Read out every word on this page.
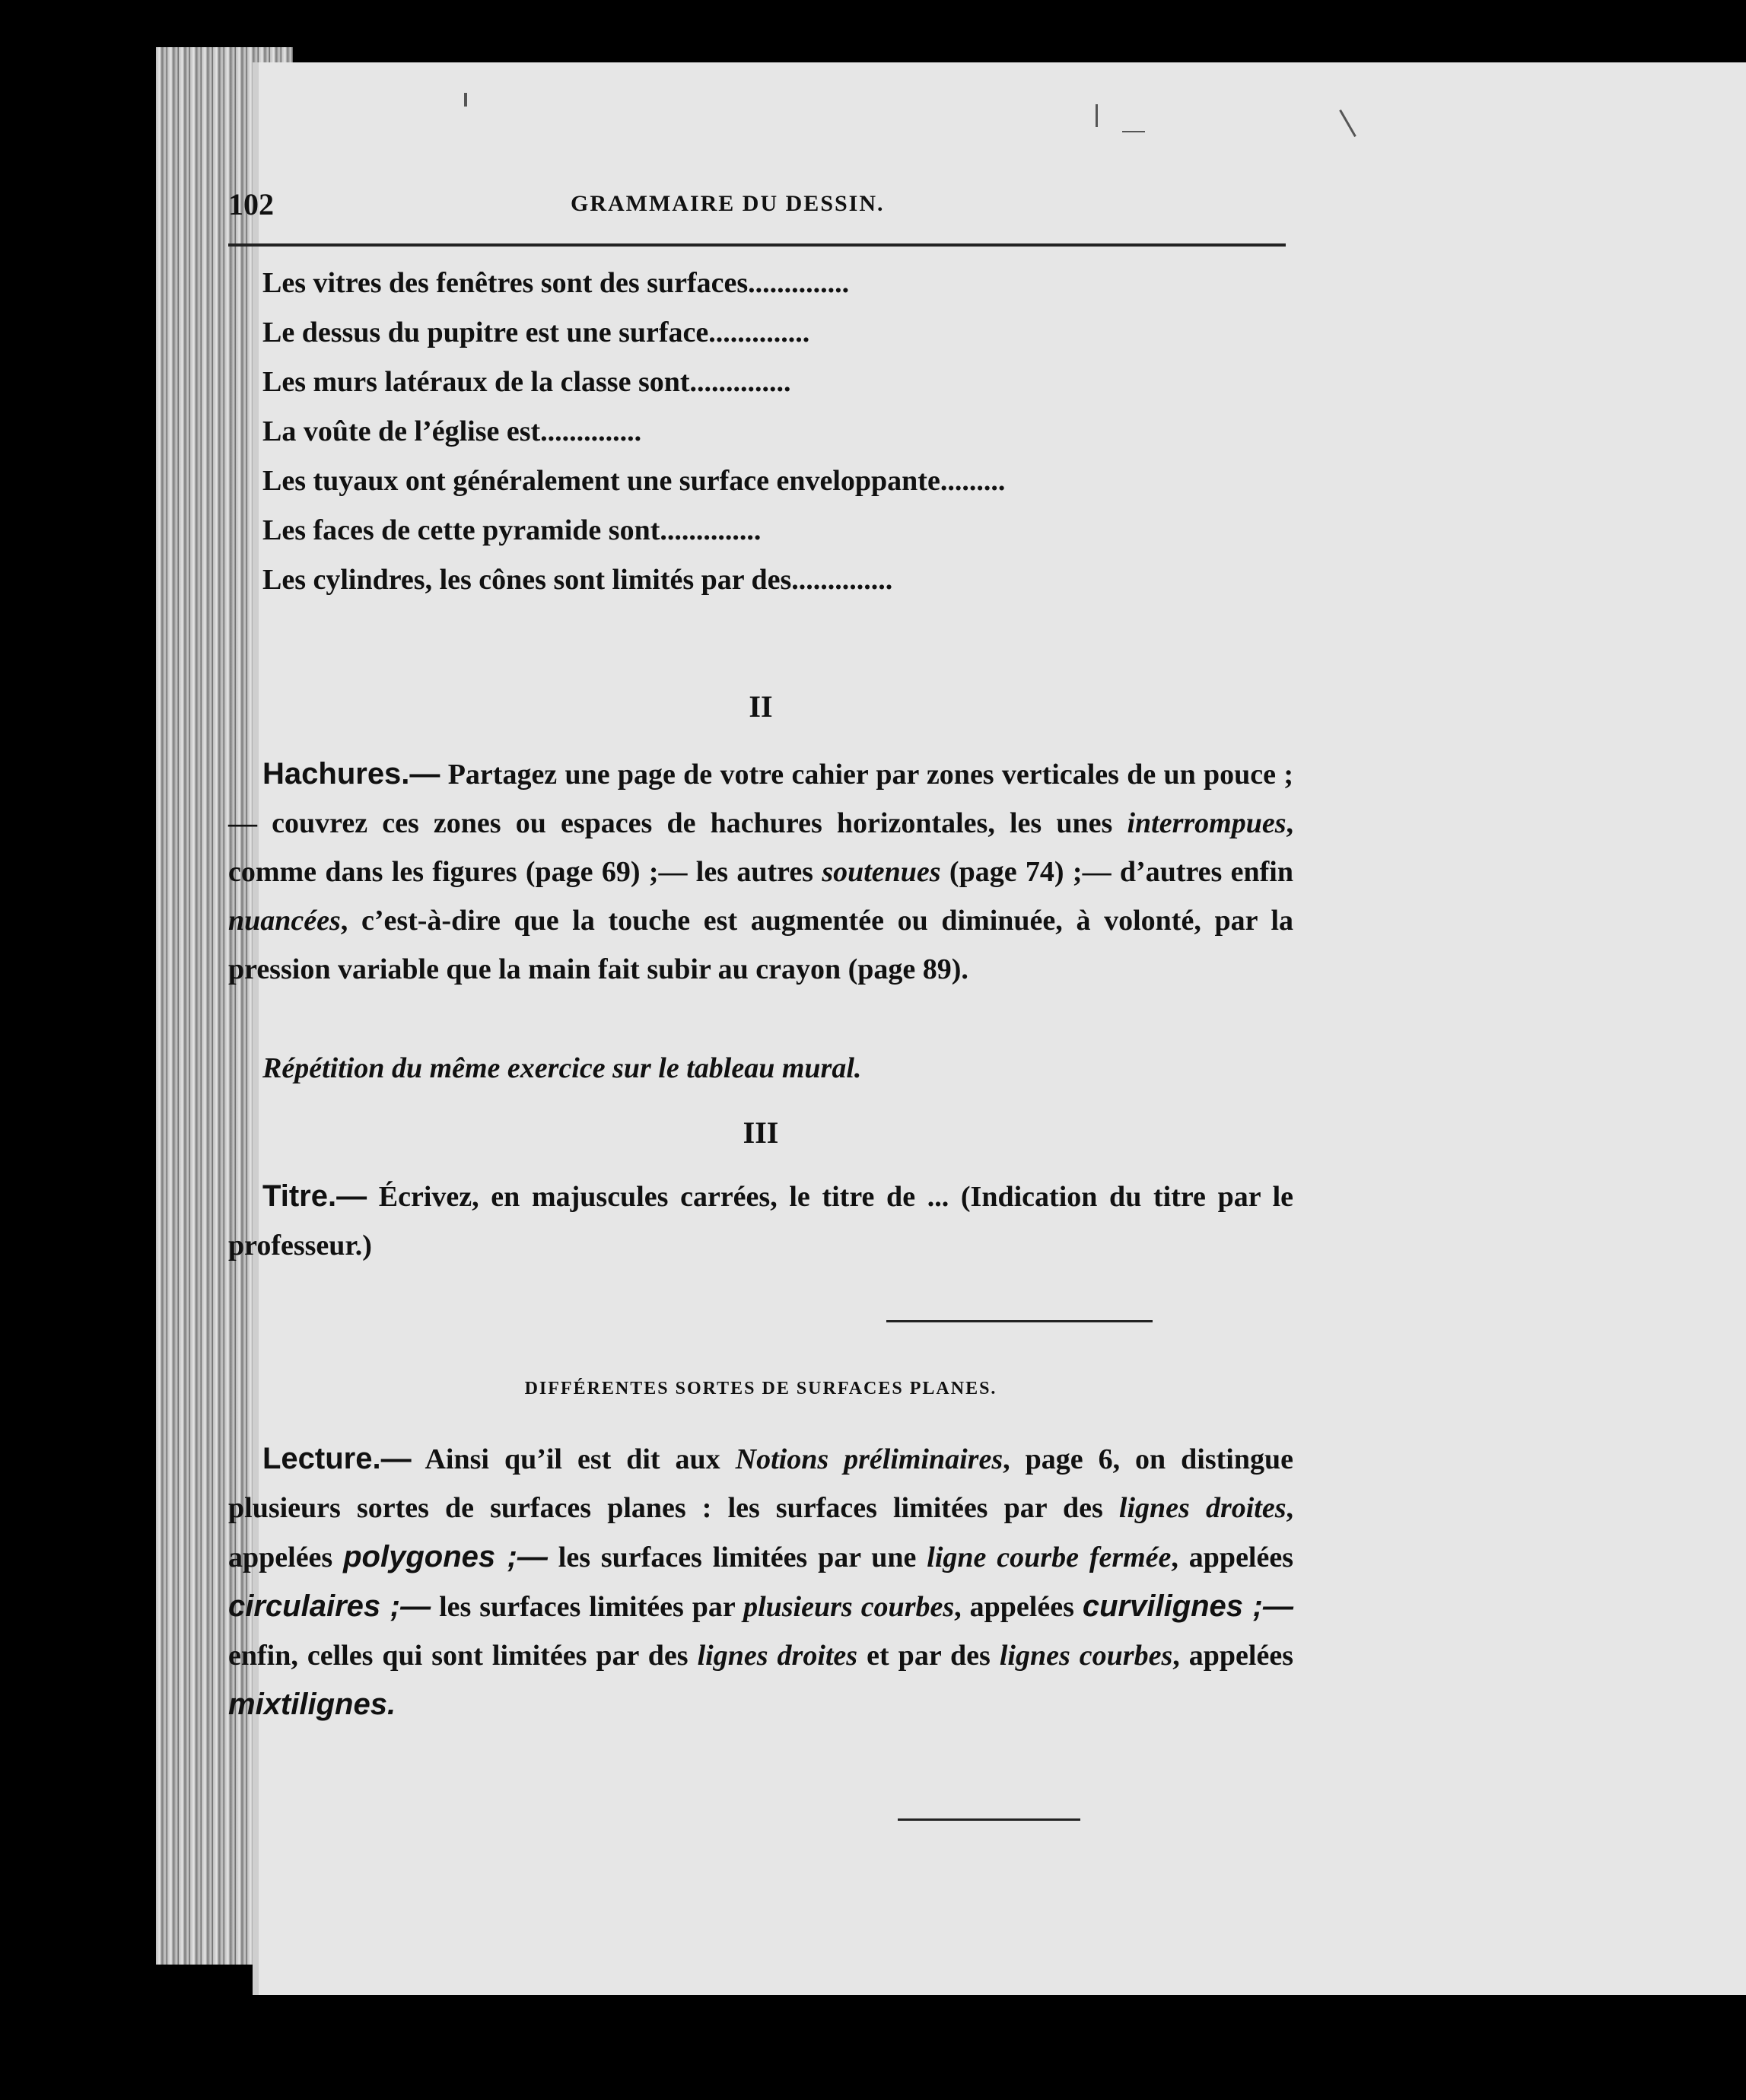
102	GRAMMAIRE DU DESSIN.
Les vitres des fenêtres sont des surfaces..............
Le dessus du pupitre est une surface..............
Les murs latéraux de la classe sont..............
La voûte de l’église est..............
Les tuyaux ont généralement une surface enveloppante.........
Les faces de cette pyramide sont..............
Les cylindres, les cônes sont limités par des..............
II
Hachures.— Partagez une page de votre cahier par zones verticales de un pouce ;— couvrez ces zones ou espaces de hachures horizontales, les unes interrompues, comme dans les figures (page 69) ;— les autres soutenues (page 74) ;— d’autres enfin nuancées, c’est-à-dire que la touche est augmentée ou diminuée, à volonté, par la pression variable que la main fait subir au crayon (page 89).
Répétition du même exercice sur le tableau mural.
III
Titre.— Écrivez, en majuscules carrées, le titre de ... (Indication du titre par le professeur.)
DIFFÉRENTES SORTES DE SURFACES PLANES.
Lecture.— Ainsi qu’il est dit aux Notions préliminaires, page 6, on distingue plusieurs sortes de surfaces planes : les surfaces limitées par des lignes droites, appelées polygones ;— les surfaces limitées par une ligne courbe fermée, appelées circulaires ;— les surfaces limitées par plusieurs courbes, appelées curvilignes ;— enfin, celles qui sont limitées par des lignes droites et par des lignes courbes, appelées mixtilignes.
